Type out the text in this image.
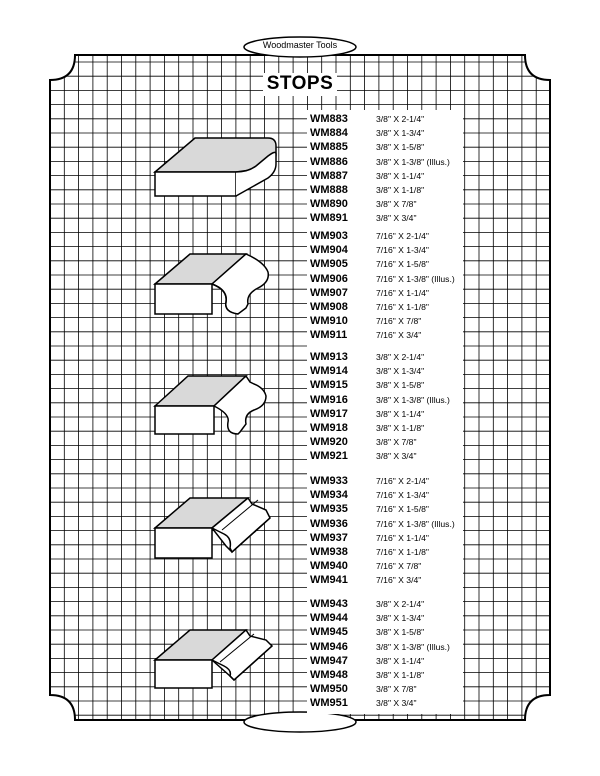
Woodmaster Tools
STOPS
WM883	3/8" X 2-1/4"
WM884	3/8" X 1-3/4"
WM885	3/8" X 1-5/8"
WM886	3/8" X 1-3/8" (Illus.)
WM887	3/8" X 1-1/4"
WM888	3/8" X 1-1/8"
WM890	3/8" X 7/8"
WM891	3/8" X 3/4"
WM903	7/16" X 2-1/4"
WM904	7/16" X 1-3/4"
WM905	7/16" X 1-5/8"
WM906	7/16" X 1-3/8" (Illus.)
WM907	7/16" X 1-1/4"
WM908	7/16" X 1-1/8"
WM910	7/16" X 7/8"
WM911	7/16" X 3/4"
WM913	3/8" X 2-1/4"
WM914	3/8" X 1-3/4"
WM915	3/8" X 1-5/8"
WM916	3/8" X 1-3/8" (Illus.)
WM917	3/8" X 1-1/4"
WM918	3/8" X 1-1/8"
WM920	3/8" X 7/8"
WM921	3/8" X 3/4"
WM933	7/16" X 2-1/4"
WM934	7/16" X 1-3/4"
WM935	7/16" X 1-5/8"
WM936	7/16" X 1-3/8" (Illus.)
WM937	7/16" X 1-1/4"
WM938	7/16" X 1-1/8"
WM940	7/16" X 7/8"
WM941	7/16" X 3/4"
WM943	3/8" X 2-1/4"
WM944	3/8" X 1-3/4"
WM945	3/8" X 1-5/8"
WM946	3/8" X 1-3/8" (Illus.)
WM947	3/8" X 1-1/4"
WM948	3/8" X 1-1/8"
WM950	3/8" X 7/8"
WM951	3/8" X 3/4"
